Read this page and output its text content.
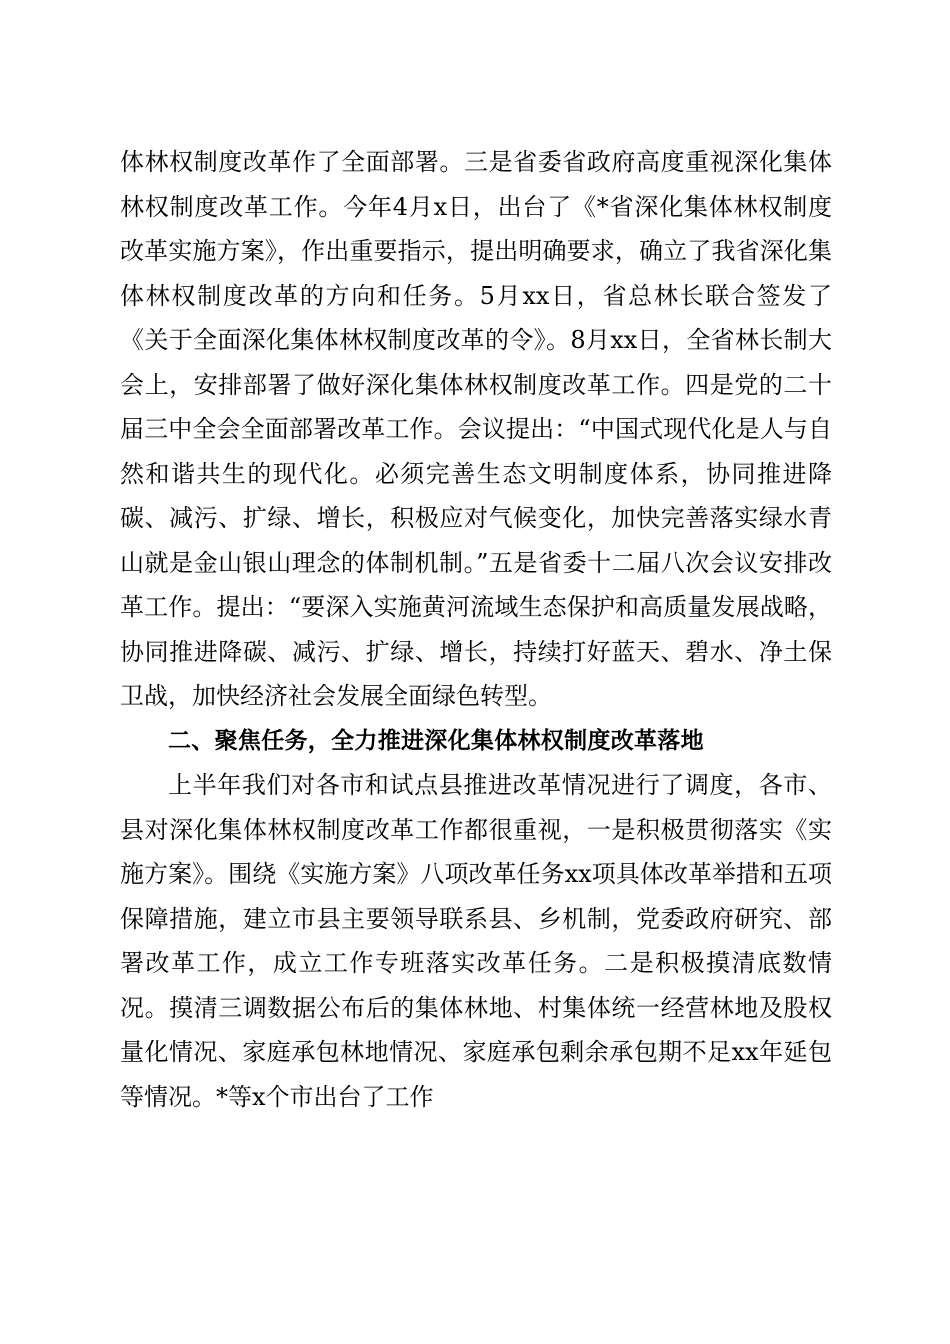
体林权制度改革作了全面部署。三是省委省政府高度重视深化集体林权制度改革工作。今年4月x日，出台了《*省深化集体林权制度改革实施方案》，作出重要指示，提出明确要求，确立了我省深化集体林权制度改革的方向和任务。5月xx日，省总林长联合签发了《关于全面深化集体林权制度改革的令》。8月xx日，全省林长制大会上，安排部署了做好深化集体林权制度改革工作。四是党的二十届三中全会全面部署改革工作。会议提出：“中国式现代化是人与自然和谐共生的现代化。必须完善生态文明制度体系，协同推进降碳、减污、扩绿、增长，积极应对气候变化，加快完善落实绿水青山就是金山银山理念的体制机制。”五是省委十二届八次会议安排改革工作。提出：“要深入实施黄河流域生态保护和高质量发展战略，协同推进降碳、减污、扩绿、增长，持续打好蓝天、碧水、净土保卫战，加快经济社会发展全面绿色转型。

二、聚焦任务，全力推进深化集体林权制度改革落地

上半年我们对各市和试点县推进改革情况进行了调度，各市、县对深化集体林权制度改革工作都很重视，一是积极贯彻落实《实施方案》。围绕《实施方案》八项改革任务xx项具体改革举措和五项保障措施，建立市县主要领导联系县、乡机制，党委政府研究、部署改革工作，成立工作专班落实改革任务。二是积极摸清底数情况。摸清三调数据公布后的集体林地、村集体统一经营林地及股权量化情况、家庭承包林地情况、家庭承包剩余承包期不足xx年延包等情况。*等x个市出台了工作
